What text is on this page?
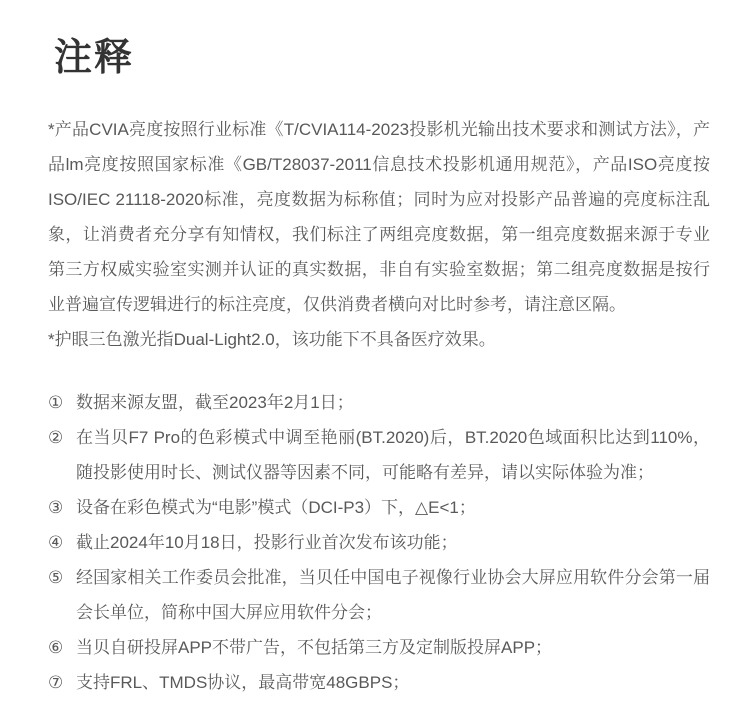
注释

*产品CVIA亮度按照行业标准《T/CVIA114-2023投影机光输出技术要求和测试方法》，产品lm亮度按照国家标准《GB/T28037-2011信息技术投影机通用规范》，产品ISO亮度按ISO/IEC 21118-2020标准，亮度数据为标称值；同时为应对投影产品普遍的亮度标注乱象，让消费者充分享有知情权，我们标注了两组亮度数据，第一组亮度数据来源于专业第三方权威实验室实测并认证的真实数据，非自有实验室数据；第二组亮度数据是按行业普遍宣传逻辑进行的标注亮度，仅供消费者横向对比时参考，请注意区隔。

*护眼三色激光指Dual-Light2.0，该功能下不具备医疗效果。

① 数据来源友盟，截至2023年2月1日；
② 在当贝F7 Pro的色彩模式中调至艳丽(BT.2020)后，BT.2020色域面积比达到110%，随投影使用时长、测试仪器等因素不同，可能略有差异，请以实际体验为准；
③ 设备在彩色模式为“电影”模式（DCI-P3）下，△E<1；
④ 截止2024年10月18日，投影行业首次发布该功能；
⑤ 经国家相关工作委员会批准，当贝任中国电子视像行业协会大屏应用软件分会第一届会长单位，简称中国大屏应用软件分会；
⑥ 当贝自研投屏APP不带广告，不包括第三方及定制版投屏APP；
⑦ 支持FRL、TMDS协议，最高带宽48GBPS；
